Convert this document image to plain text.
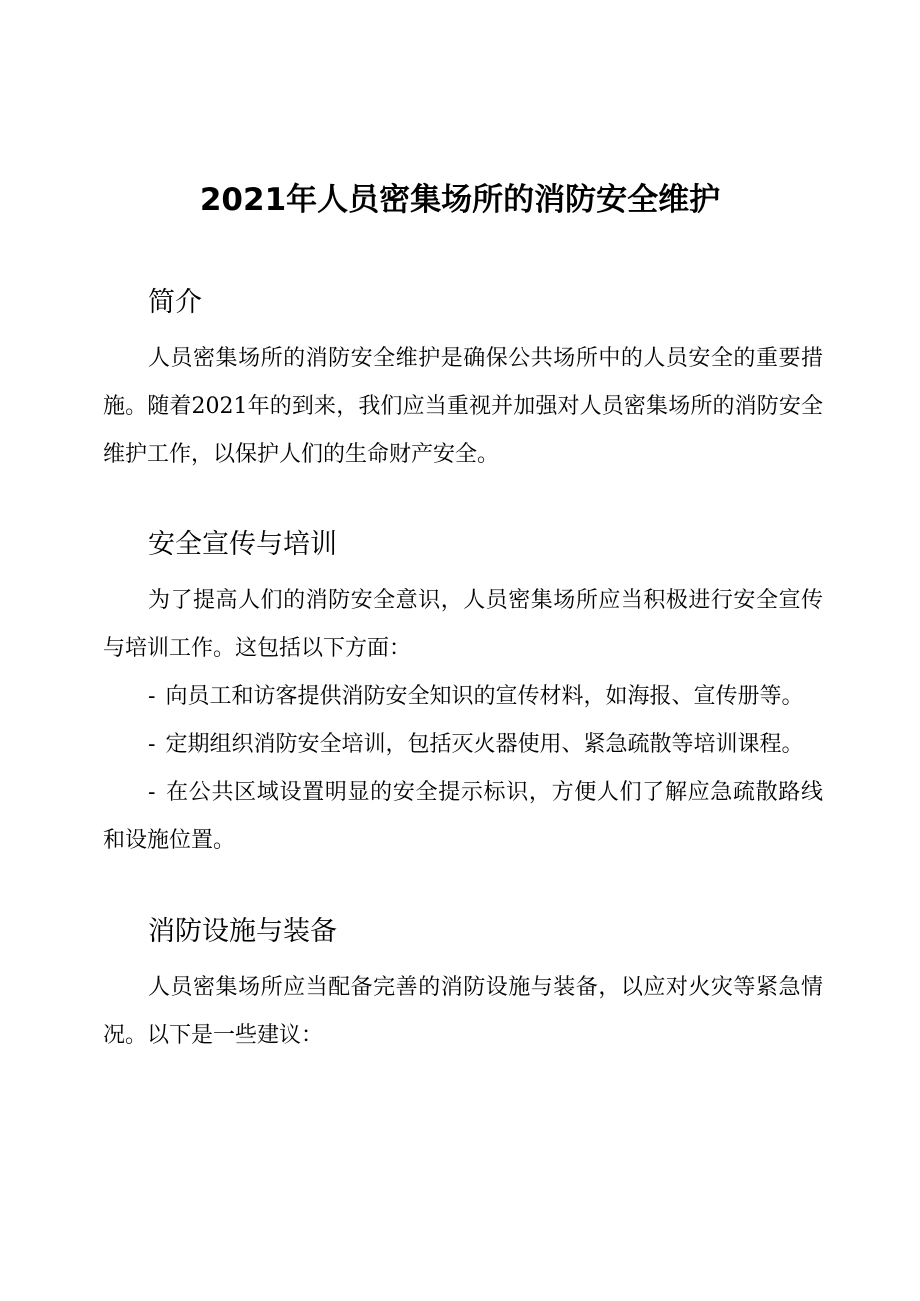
2021年人员密集场所的消防安全维护
简介

人员密集场所的消防安全维护是确保公共场所中的人员安全的重要措施。随着2021年的到来，我们应当重视并加强对人员密集场所的消防安全维护工作，以保护人们的生命财产安全。

安全宣传与培训

为了提高人们的消防安全意识，人员密集场所应当积极进行安全宣传与培训工作。这包括以下方面：

- 向员工和访客提供消防安全知识的宣传材料，如海报、宣传册等。
- 定期组织消防安全培训，包括灭火器使用、紧急疏散等培训课程。
- 在公共区域设置明显的安全提示标识，方便人们了解应急疏散路线和设施位置。
消防设施与装备

人员密集场所应当配备完善的消防设施与装备，以应对火灾等紧急情况。以下是一些建议：
